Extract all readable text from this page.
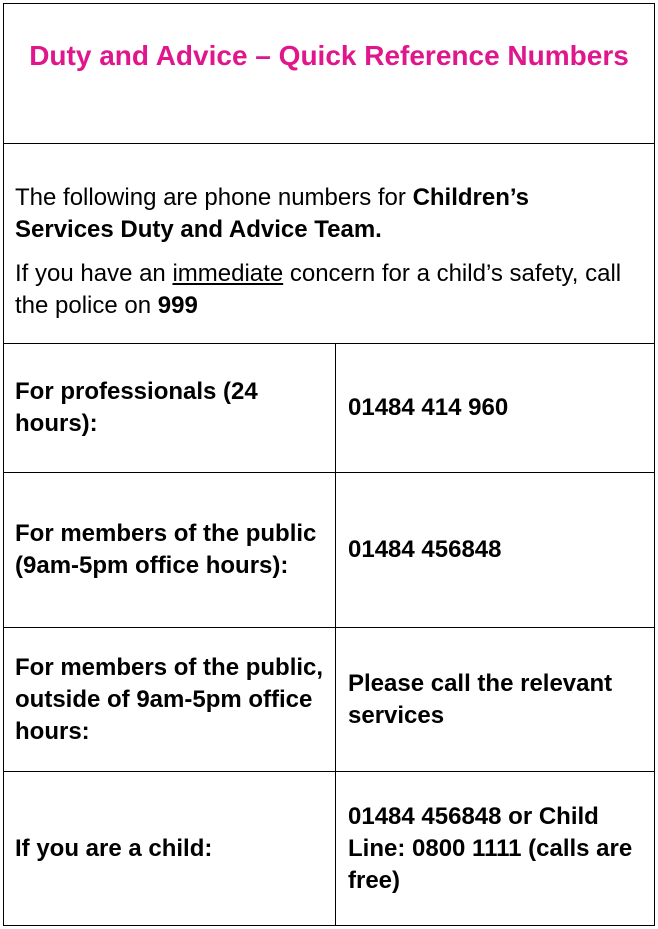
Duty and Advice – Quick Reference Numbers

The following are phone numbers for Children’s Services Duty and Advice Team.

If you have an immediate concern for a child’s safety, call the police on 999

For professionals (24 hours):
01484 414 960
For members of the public (9am-5pm office hours):
01484 456848
For members of the public, outside of 9am-5pm office hours:
Please call the relevant services
If you are a child:
01484 456848 or Child Line: 0800 1111 (calls are free)
